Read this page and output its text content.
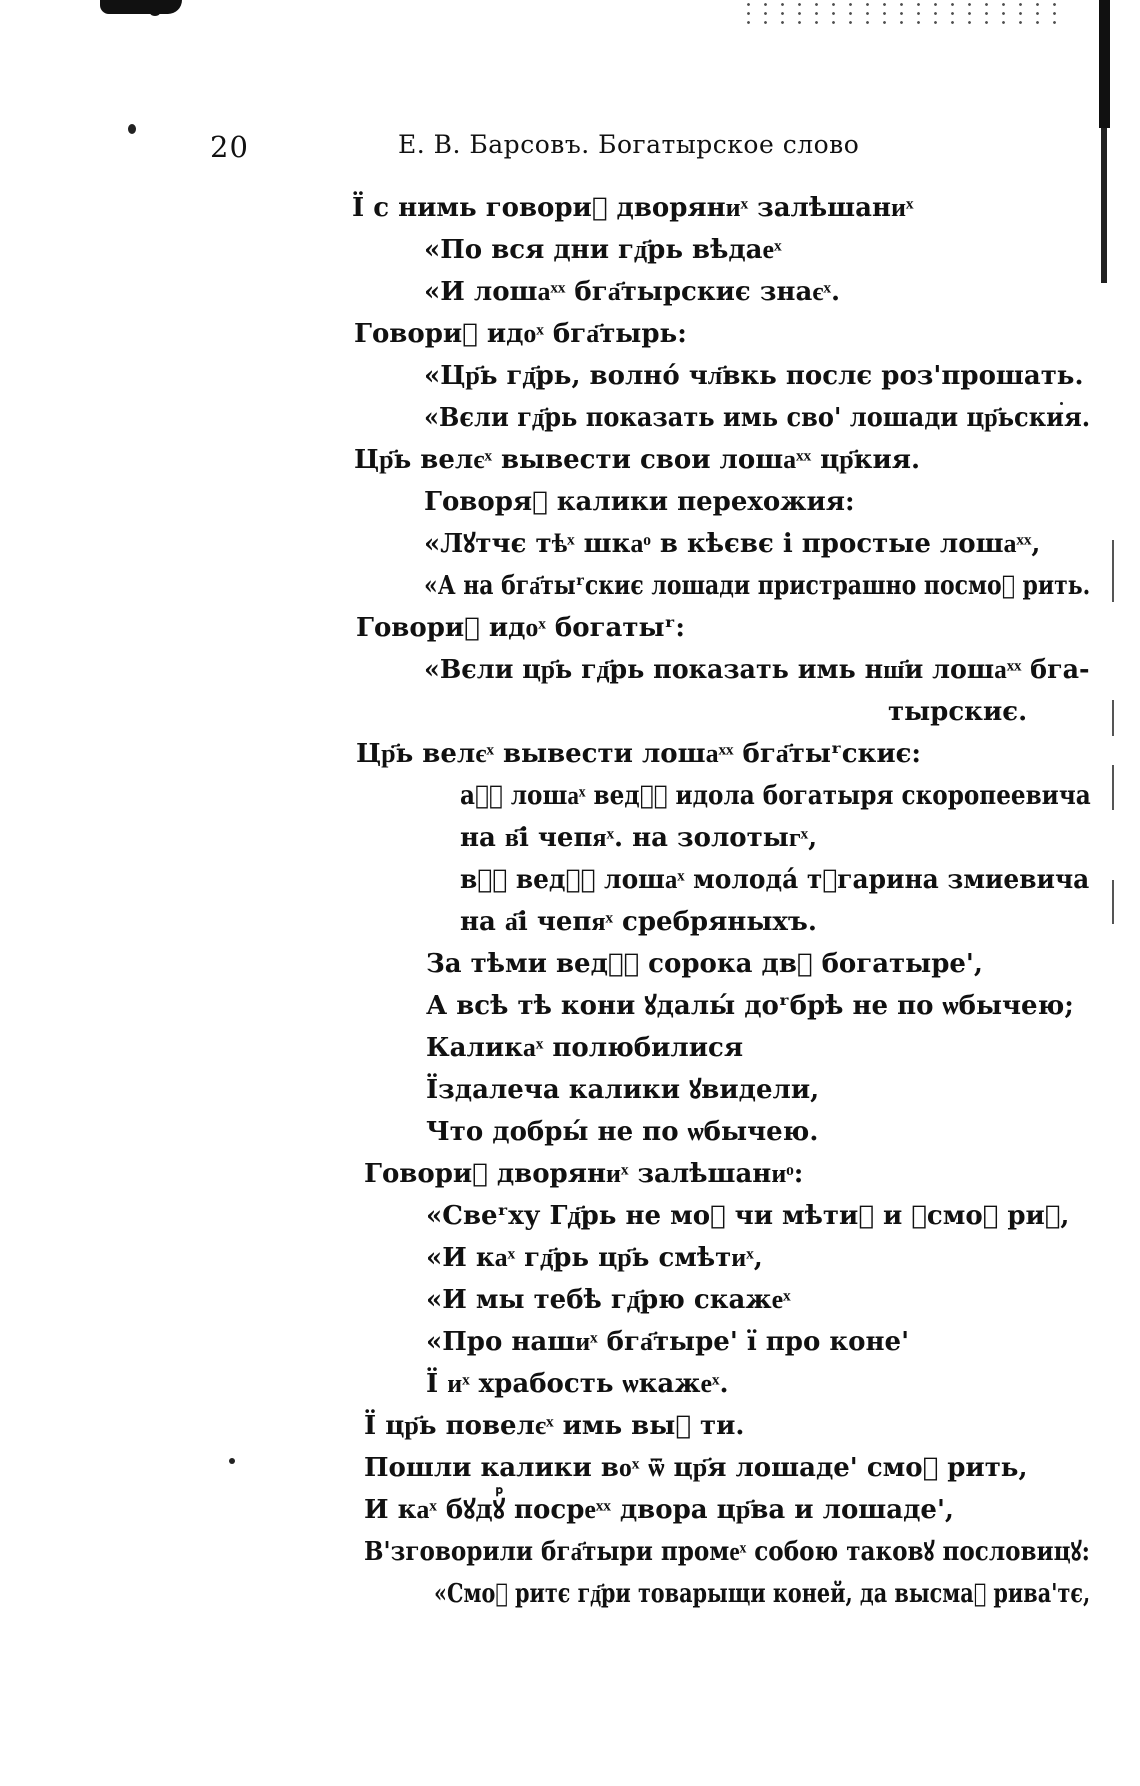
20	Е. В. Барсовъ. Богатырское слово
Ї с нимь говориᷮ дворяниͯ залѣшаниͯ
«По вся дни гд҃рь вѣдаеͯ
«И лошаͯͯ бга҃тырскиє знаєͯ.
Говориᷮ идоͯ бга҃тырь:
«Цр҃ь гд҃рь, волно́ чл҃вкь послє роз'прошать.
«Вєли гд҃рь показать имь сво' лошади цр҃ьския.
Цр҃ь велєͯ вывести свои лошаͯͯ цр҃кия.
Говоряᷮ калики перехожия:
«Лꙋтчє тѣͯ шкаͦ в кѣєвє і простые лошаͯͯ,
«А на бга҃тыʳскиє лошади пристрашно посмоᷮ рить.
Говориᷮ идоͯ богатыʳ:
«Вєли цр҃ь гд҃рь показать имь нш҃и лошаͯͯ бга-
тырскиє.
Цр҃ь велєͯ вывести лошаͯͯ бга҃тыʳскиє:
а҃ᷳ лошаͯ ведѸᷮ идола богатыря скоропеевича
на в҃і чепяͯ. на золотыгͯ,
в҃ᷳ ведѸᷮ лошаͯ молода́ тꙋгарина змиевича
на а҃і чепяͯ сребряныхъ.
За тѣми ведѸᷮ сорока двꙋ богатыре',
А всѣ тѣ кони ꙋдалы́ доʳбрѣ не по ѡбычею;
Каликаͯ полюбилися
Їздалеча калики ꙋвидели,
Что добры́ не по ѡбычею.
Говориᷮ дворяниͯ залѣшаниͦ:
«Свеʳху Гд҃рь не моᷮ чи мѣтиᷮ и ꙋсмоᷮ риᷮ,
«И каͯ гд҃рь цр҃ь смѣтиͯ,
«И мы тебѣ гд҃рю скажеͯ
«Про нашиͯ бга҃тыре' ї про коне'
Ї иͯ храбость ѡкажеͯ.
Ї цр҃ь повелєͯ имь выᷮ ти.
Пошли калики воͯ ѿ цр҃я лошаде' смоᷮ рить,
И каͯ бꙋдꙋᷮ посреͯͯ двора цр҃ва и лошаде',
В'зговорили бга҃тыри промеͯ собою таковꙋ пословицꙋ:
«Смоᷮ ритє гд҃ри товарыщи коней, да высмаᷮ рива'тє,
